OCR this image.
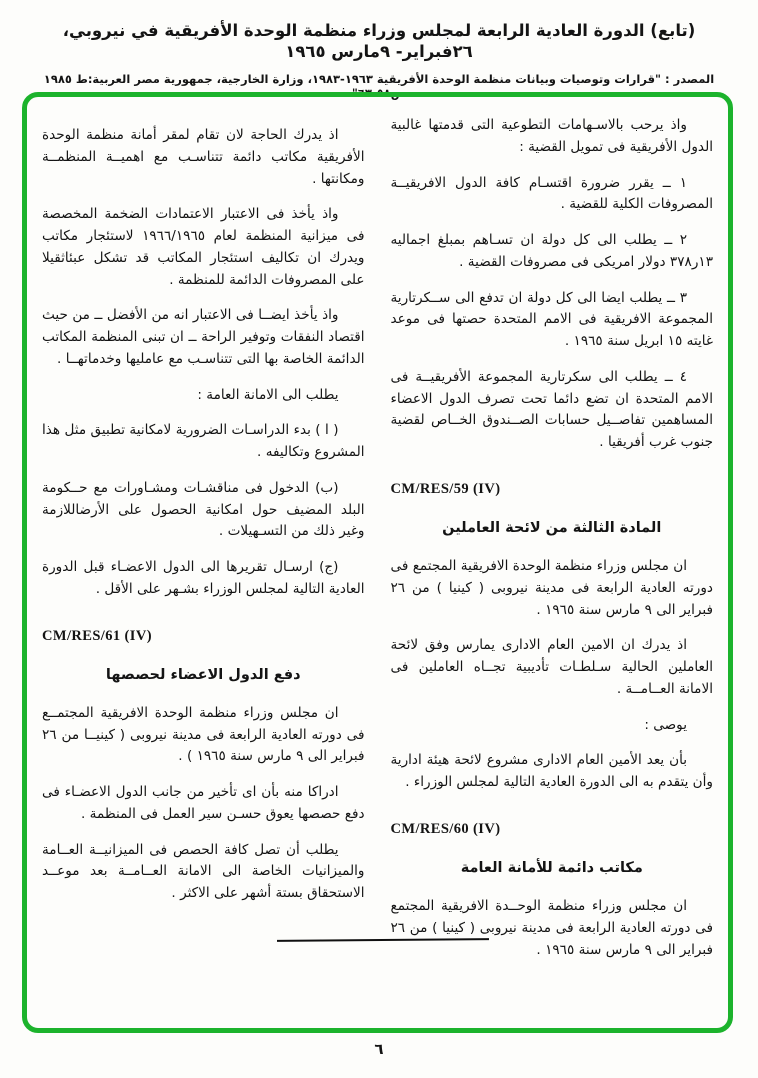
(تابع) الدورة العادية الرابعة لمجلس وزراء منظمة الوحدة الأفريقية في نيروبي، ٢٦فبراير- ٩مارس ١٩٦٥
المصدر : "قرارات وتوصيات وبيانات منظمة الوحدة الأفريقية ١٩٦٣-١٩٨٣، وزارة الخارجية، جمهورية مصر العربية:ط ١٩٨٥ ص٥٨-٦٣"

واذ يرحب بالاسـهامات التطوعية التى قدمتها غالبية الدول الأفريقية فى تمويل القضية :

١ ــ يقرر ضرورة اقتسـام كافة الدول الافريقيــة المصروفات الكلية للقضية .

٢ ــ يطلب الى كل دولة ان تسـاهم بمبلغ اجماليه ١٣ر٣٧٨ دولار امريكى فى مصروفات القضية .

٣ ــ يطلب ايضا الى كل دولة ان تدفع الى ســكرتارية المجموعة الافريقية فى الامم المتحدة حصتها فى موعد غايته ١٥ ابريل سنة ١٩٦٥ .

٤ ــ يطلب الى سكرتارية المجموعة الأفريقيــة فى الامم المتحدة ان تضع دائما تحت تصرف الدول الاعضاء المساهمين تفاصــيل حسابات الصــندوق الخــاص لقضية جنوب غرب أفريقيا .

CM/RES/59 (IV)

المادة الثالثة من لائحة العاملين

ان مجلس وزراء منظمة الوحدة الافريقية المجتمع فى دورته العادية الرابعة فى مدينة نيروبى ( كينيا ) من ٢٦ فبراير الى ٩ مارس سنة ١٩٦٥ .

اذ يدرك ان الامين العام الادارى يمارس وفق لائحة العاملين الحالية سـلطـات تأديبية تجــاه العاملين فى الامانة العــامــة .

يوصى :

بأن يعد الأمين العام الادارى مشروع لائحة هيئة ادارية وأن يتقدم به الى الدورة العادية التالية لمجلس الوزراء .

CM/RES/60 (IV)

مكاتب دائمة للأمانة العامة

ان مجلس وزراء منظمة الوحــدة الافريقية المجتمع فى دورته العادية الرابعة فى مدينة نيروبى ( كينيا ) من ٢٦ فبراير الى ٩ مارس سنة ١٩٦٥ .

اذ يدرك الحاجة لان تقام لمقر أمانة منظمة الوحدة الأفريقية مكاتب دائمة تتناسـب مع اهميــة المنظمــة ومكانتها .

واذ يأخذ فى الاعتبار الاعتمادات الضخمة المخصصة فى ميزانية المنظمة لعام ١٩٦٦/١٩٦٥ لاستئجار مكاتب ويدرك ان تكاليف استئجار المكاتب قد تشكل عبئاثقيلا على المصروفات الدائمة للمنظمة .

واذ يأخذ ايضــا فى الاعتبار انه من الأفضل ــ من حيث اقتصاد النفقات وتوفير الراحة ــ ان تبنى المنظمة المكاتب الدائمة الخاصة بها التى تتناسـب مع عامليها وخدماتهــا .

يطلب الى الامانة العامة :

( ا ) بدء الدراسـات الضرورية لامكانية تطبيق مثل هذا المشروع وتكاليفه .

(ب) الدخول فى مناقشـات ومشـاورات مع حــكومة البلد المضيف حول امكانية الحصول على الأرضاللازمة وغير ذلك من التسـهيلات .

(ج) ارسـال تقريرها الى الدول الاعضـاء قبل الدورة العادية التالية لمجلس الوزراء بشـهر على الأقل .

CM/RES/61 (IV)

دفع الدول الاعضاء لحصصها

ان مجلس وزراء منظمة الوحدة الافريقية المجتمــع فى دورته العادية الرابعة فى مدينة نيروبى ( كينيــا من ٢٦ فبراير الى ٩ مارس سنة ١٩٦٥ ) .

ادراكا منه بأن اى تأخير من جانب الدول الاعضـاء فى دفع حصصها يعوق حسـن سير العمل فى المنظمة .

يطلب أن تصل كافة الحصص فى الميزانيــة العــامة والميزانيات الخاصة الى الامانة العــامــة بعد موعــد الاستحقاق بستة أشهر على الاكثر .

٦
